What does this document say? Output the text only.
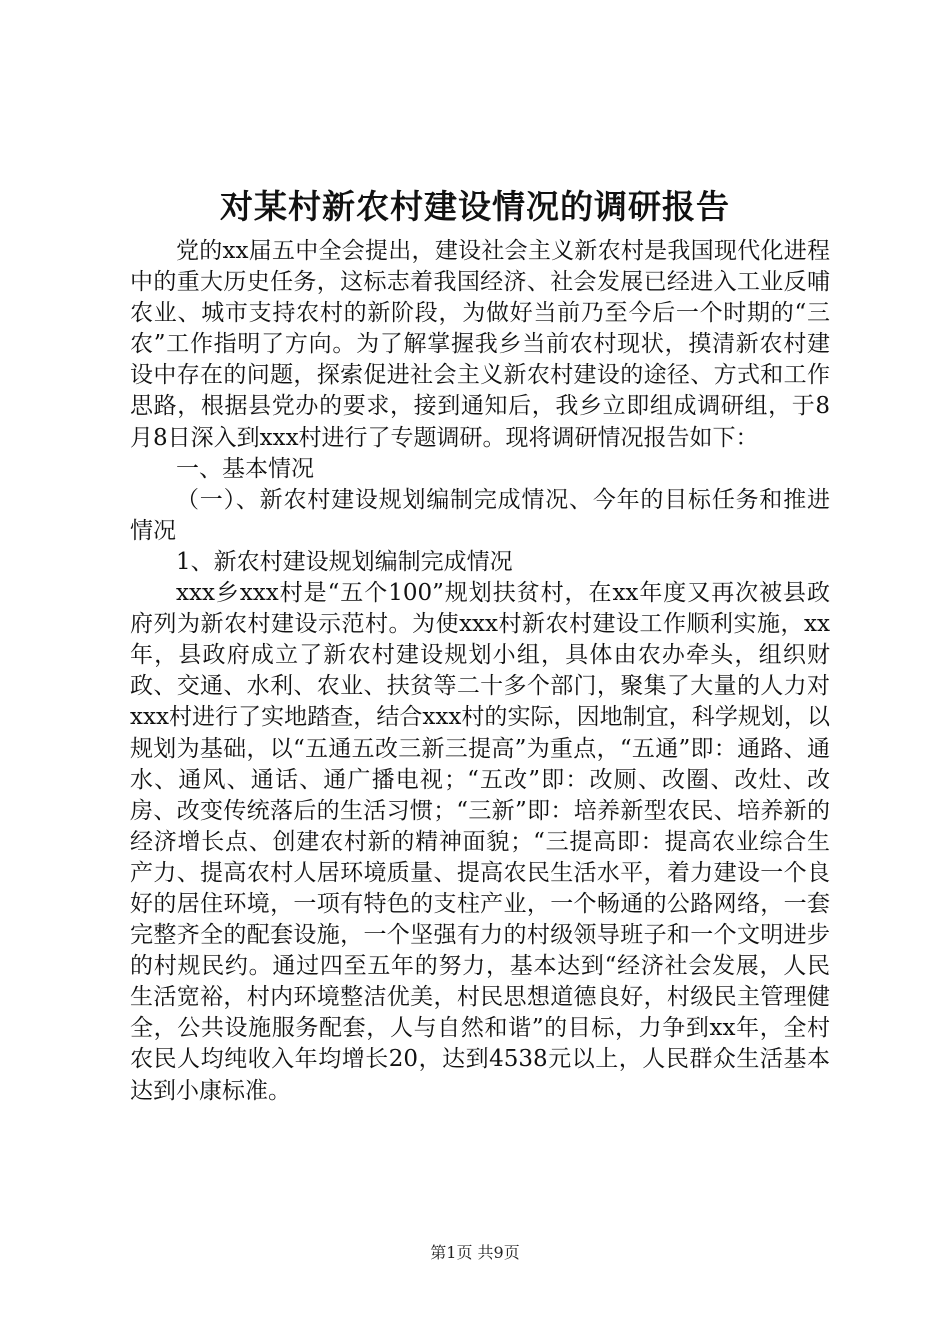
对某村新农村建设情况的调研报告

党的xx届五中全会提出，建设社会主义新农村是我国现代化进程中的重大历史任务，这标志着我国经济、社会发展已经进入工业反哺农业、城市支持农村的新阶段，为做好当前乃至今后一个时期的“三农”工作指明了方向。为了解掌握我乡当前农村现状，摸清新农村建设中存在的问题，探索促进社会主义新农村建设的途径、方式和工作思路，根据县党办的要求，接到通知后，我乡立即组成调研组，于8月8日深入到xxx村进行了专题调研。现将调研情况报告如下：

一、基本情况

（一）、新农村建设规划编制完成情况、今年的目标任务和推进情况

1、新农村建设规划编制完成情况

xxx乡xxx村是“五个100”规划扶贫村，在xx年度又再次被县政府列为新农村建设示范村。为使xxx村新农村建设工作顺利实施，xx年，县政府成立了新农村建设规划小组，具体由农办牵头，组织财政、交通、水利、农业、扶贫等二十多个部门，聚集了大量的人力对xxx村进行了实地踏查，结合xxx村的实际，因地制宜，科学规划，以规划为基础，以“五通五改三新三提高”为重点，“五通”即：通路、通水、通风、通话、通广播电视；“五改”即：改厕、改圈、改灶、改房、改变传统落后的生活习惯；“三新”即：培养新型农民、培养新的经济增长点、创建农村新的精神面貌；“三提高即：提高农业综合生产力、提高农村人居环境质量、提高农民生活水平，着力建设一个良好的居住环境，一项有特色的支柱产业，一个畅通的公路网络，一套完整齐全的配套设施，一个坚强有力的村级领导班子和一个文明进步的村规民约。通过四至五年的努力，基本达到“经济社会发展，人民生活宽裕，村内环境整洁优美，村民思想道德良好，村级民主管理健全，公共设施服务配套，人与自然和谐”的目标，力争到xx年，全村农民人均纯收入年均增长20，达到4538元以上，人民群众生活基本达到小康标准。

第1页 共9页
